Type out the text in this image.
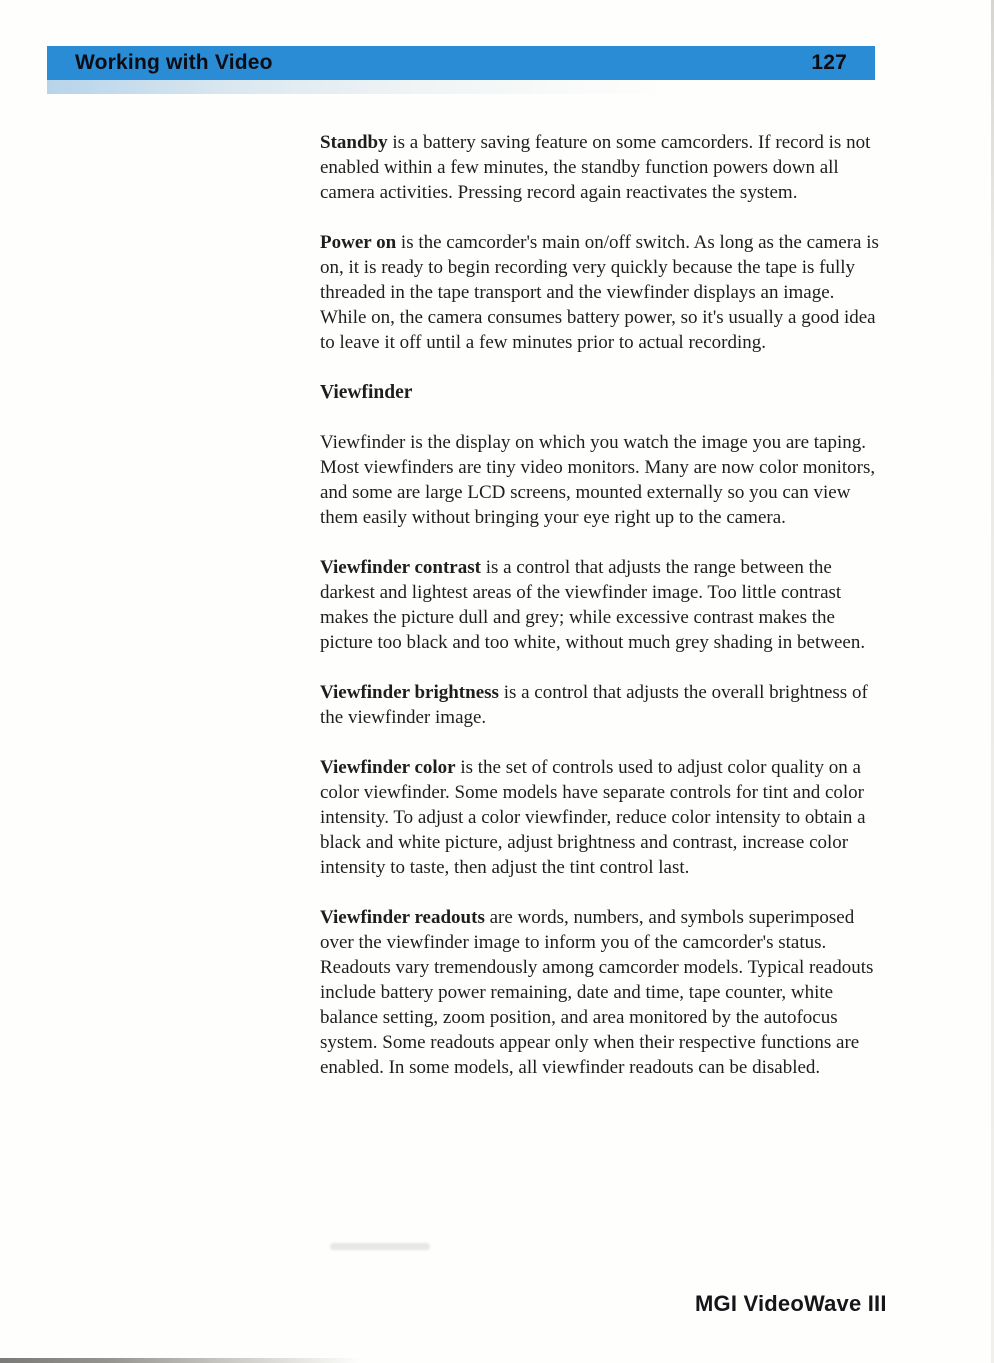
Working with Video	127

Standby is a battery saving feature on some camcorders. If record is not enabled within a few minutes, the standby function powers down all camera activities. Pressing record again reactivates the system.

Power on is the camcorder's main on/off switch. As long as the camera is on, it is ready to begin recording very quickly because the tape is fully threaded in the tape transport and the viewfinder displays an image. While on, the camera consumes battery power, so it's usually a good idea to leave it off until a few minutes prior to actual recording.

Viewfinder

Viewfinder is the display on which you watch the image you are taping. Most viewfinders are tiny video monitors. Many are now color monitors, and some are large LCD screens, mounted externally so you can view them easily without bringing your eye right up to the camera.

Viewfinder contrast is a control that adjusts the range between the darkest and lightest areas of the viewfinder image. Too little contrast makes the picture dull and grey; while excessive contrast makes the picture too black and too white, without much grey shading in between.

Viewfinder brightness is a control that adjusts the overall brightness of the viewfinder image.

Viewfinder color is the set of controls used to adjust color quality on a color viewfinder. Some models have separate controls for tint and color intensity. To adjust a color viewfinder, reduce color intensity to obtain a black and white picture, adjust brightness and contrast, increase color intensity to taste, then adjust the tint control last.

Viewfinder readouts are words, numbers, and symbols superimposed over the viewfinder image to inform you of the camcorder's status. Readouts vary tremendously among camcorder models. Typical readouts include battery power remaining, date and time, tape counter, white balance setting, zoom position, and area monitored by the autofocus system. Some readouts appear only when their respective functions are enabled. In some models, all viewfinder readouts can be disabled.

MGI VideoWave III
